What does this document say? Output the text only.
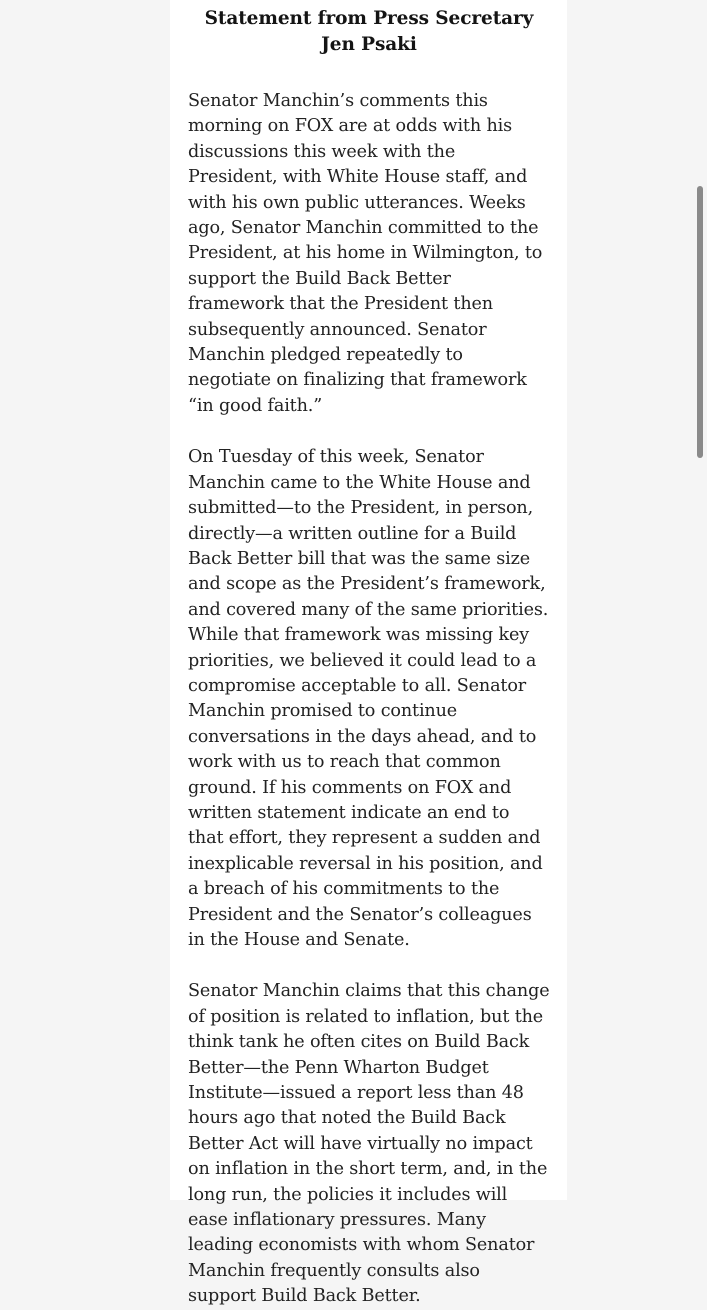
Statement from Press Secretary Jen Psaki

Senator Manchin’s comments this morning on FOX are at odds with his discussions this week with the President, with White House staff, and with his own public utterances. Weeks ago, Senator Manchin committed to the President, at his home in Wilmington, to support the Build Back Better framework that the President then subsequently announced. Senator Manchin pledged repeatedly to negotiate on finalizing that framework “in good faith.”

On Tuesday of this week, Senator Manchin came to the White House and submitted—to the President, in person, directly—a written outline for a Build Back Better bill that was the same size and scope as the President’s framework, and covered many of the same priorities. While that framework was missing key priorities, we believed it could lead to a compromise acceptable to all. Senator Manchin promised to continue conversations in the days ahead, and to work with us to reach that common ground. If his comments on FOX and written statement indicate an end to that effort, they represent a sudden and inexplicable reversal in his position, and a breach of his commitments to the President and the Senator’s colleagues in the House and Senate.

Senator Manchin claims that this change of position is related to inflation, but the think tank he often cites on Build Back Better—the Penn Wharton Budget Institute—issued a report less than 48 hours ago that noted the Build Back Better Act will have virtually no impact on inflation in the short term, and, in the long run, the policies it includes will ease inflationary pressures. Many leading economists with whom Senator Manchin frequently consults also support Build Back Better.
